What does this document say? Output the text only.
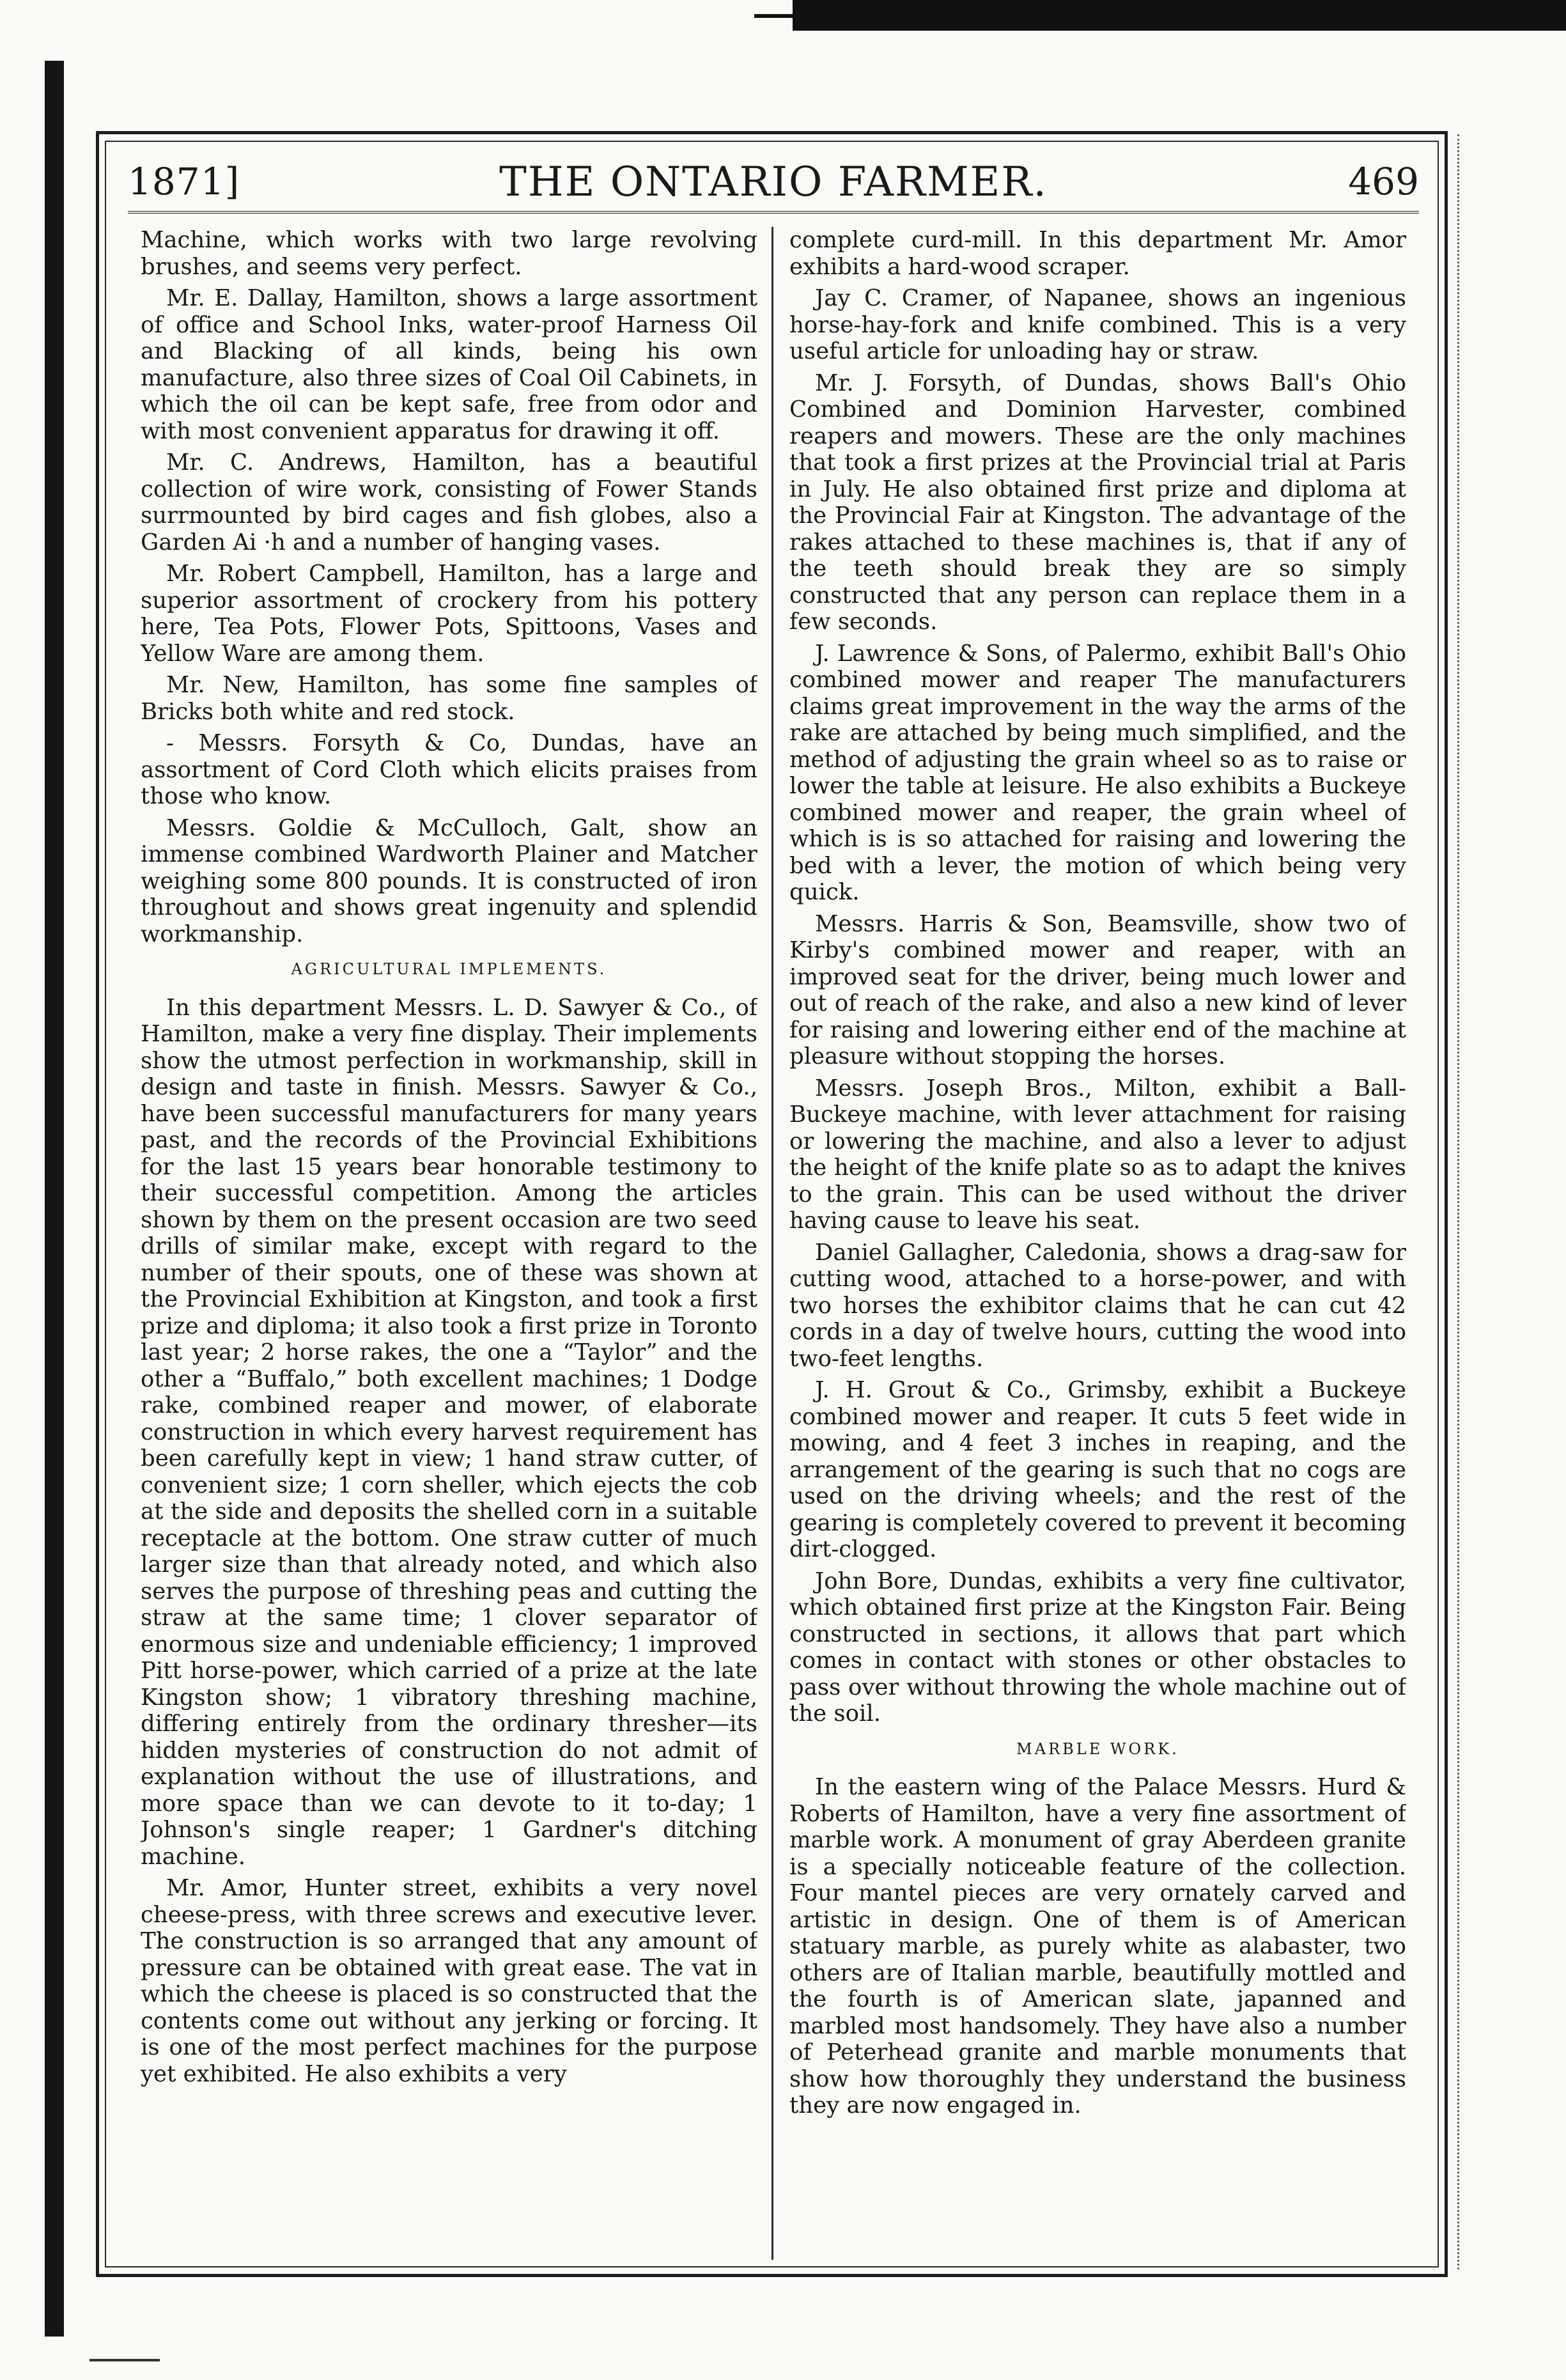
1871]	THE ONTARIO FARMER.	469

Machine, which works with two large revolving brushes, and seems very perfect.

Mr. E. Dallay, Hamilton, shows a large assortment of office and School Inks, water-proof Harness Oil and Blacking of all kinds, being his own manufacture, also three sizes of Coal Oil Cabinets, in which the oil can be kept safe, free from odor and with most convenient apparatus for drawing it off.

Mr. C. Andrews, Hamilton, has a beautiful collection of wire work, consisting of Fower Stands surrmounted by bird cages and fish globes, also a Garden Ai ·h and a number of hanging vases.

Mr. Robert Campbell, Hamilton, has a large and superior assortment of crockery from his pottery here, Tea Pots, Flower Pots, Spittoons, Vases and Yellow Ware are among them.

Mr. New, Hamilton, has some fine samples of Bricks both white and red stock.

- Messrs. Forsyth & Co, Dundas, have an assortment of Cord Cloth which elicits praises from those who know.

Messrs. Goldie & McCulloch, Galt, show an immense combined Wardworth Plainer and Matcher weighing some 800 pounds. It is constructed of iron throughout and shows great ingenuity and splendid workmanship.

AGRICULTURAL IMPLEMENTS.

In this department Messrs. L. D. Sawyer & Co., of Hamilton, make a very fine display. Their implements show the utmost perfection in workmanship, skill in design and taste in finish. Messrs. Sawyer & Co., have been successful manufacturers for many years past, and the records of the Provincial Exhibitions for the last 15 years bear honorable testimony to their successful competition. Among the articles shown by them on the present occasion are two seed drills of similar make, except with regard to the number of their spouts, one of these was shown at the Provincial Exhibition at Kingston, and took a first prize and diploma; it also took a first prize in Toronto last year; 2 horse rakes, the one a “Taylor” and the other a “Buffalo,” both excellent machines; 1 Dodge rake, combined reaper and mower, of elaborate construction in which every harvest requirement has been carefully kept in view; 1 hand straw cutter, of convenient size; 1 corn sheller, which ejects the cob at the side and deposits the shelled corn in a suitable receptacle at the bottom. One straw cutter of much larger size than that already noted, and which also serves the purpose of threshing peas and cutting the straw at the same time; 1 clover separator of enormous size and undeniable efficiency; 1 improved Pitt horse-power, which carried of a prize at the late Kingston show; 1 vibratory threshing machine, differing entirely from the ordinary thresher—its hidden mysteries of construction do not admit of explanation without the use of illustrations, and more space than we can devote to it to-day; 1 Johnson's single reaper; 1 Gardner's ditching machine.

Mr. Amor, Hunter street, exhibits a very novel cheese-press, with three screws and executive lever. The construction is so arranged that any amount of pressure can be obtained with great ease. The vat in which the cheese is placed is so constructed that the contents come out without any jerking or forcing. It is one of the most perfect machines for the purpose yet exhibited. He also exhibits a very

complete curd-mill. In this department Mr. Amor exhibits a hard-wood scraper.

Jay C. Cramer, of Napanee, shows an ingenious horse-hay-fork and knife combined. This is a very useful article for unloading hay or straw.

Mr. J. Forsyth, of Dundas, shows Ball's Ohio Combined and Dominion Harvester, combined reapers and mowers. These are the only machines that took a first prizes at the Provincial trial at Paris in July. He also obtained first prize and diploma at the Provincial Fair at Kingston. The advantage of the rakes attached to these machines is, that if any of the teeth should break they are so simply constructed that any person can replace them in a few seconds.

J. Lawrence & Sons, of Palermo, exhibit Ball's Ohio combined mower and reaper The manufacturers claims great improvement in the way the arms of the rake are attached by being much simplified, and the method of adjusting the grain wheel so as to raise or lower the table at leisure. He also exhibits a Buckeye combined mower and reaper, the grain wheel of which is is so attached for raising and lowering the bed with a lever, the motion of which being very quick.

Messrs. Harris & Son, Beamsville, show two of Kirby's combined mower and reaper, with an improved seat for the driver, being much lower and out of reach of the rake, and also a new kind of lever for raising and lowering either end of the machine at pleasure without stopping the horses.

Messrs. Joseph Bros., Milton, exhibit a Ball-Buckeye machine, with lever attachment for raising or lowering the machine, and also a lever to adjust the height of the knife plate so as to adapt the knives to the grain. This can be used without the driver having cause to leave his seat.

Daniel Gallagher, Caledonia, shows a drag-saw for cutting wood, attached to a horse-power, and with two horses the exhibitor claims that he can cut 42 cords in a day of twelve hours, cutting the wood into two-feet lengths.

J. H. Grout & Co., Grimsby, exhibit a Buckeye combined mower and reaper. It cuts 5 feet wide in mowing, and 4 feet 3 inches in reaping, and the arrangement of the gearing is such that no cogs are used on the driving wheels; and the rest of the gearing is completely covered to prevent it becoming dirt-clogged.

John Bore, Dundas, exhibits a very fine cultivator, which obtained first prize at the Kingston Fair. Being constructed in sections, it allows that part which comes in contact with stones or other obstacles to pass over without throwing the whole machine out of the soil.

MARBLE WORK.

In the eastern wing of the Palace Messrs. Hurd & Roberts of Hamilton, have a very fine assortment of marble work. A monument of gray Aberdeen granite is a specially noticeable feature of the collection. Four mantel pieces are very ornately carved and artistic in design. One of them is of American statuary marble, as purely white as alabaster, two others are of Italian marble, beautifully mottled and the fourth is of American slate, japanned and marbled most handsomely. They have also a number of Peterhead granite and marble monuments that show how thoroughly they understand the business they are now engaged in.
